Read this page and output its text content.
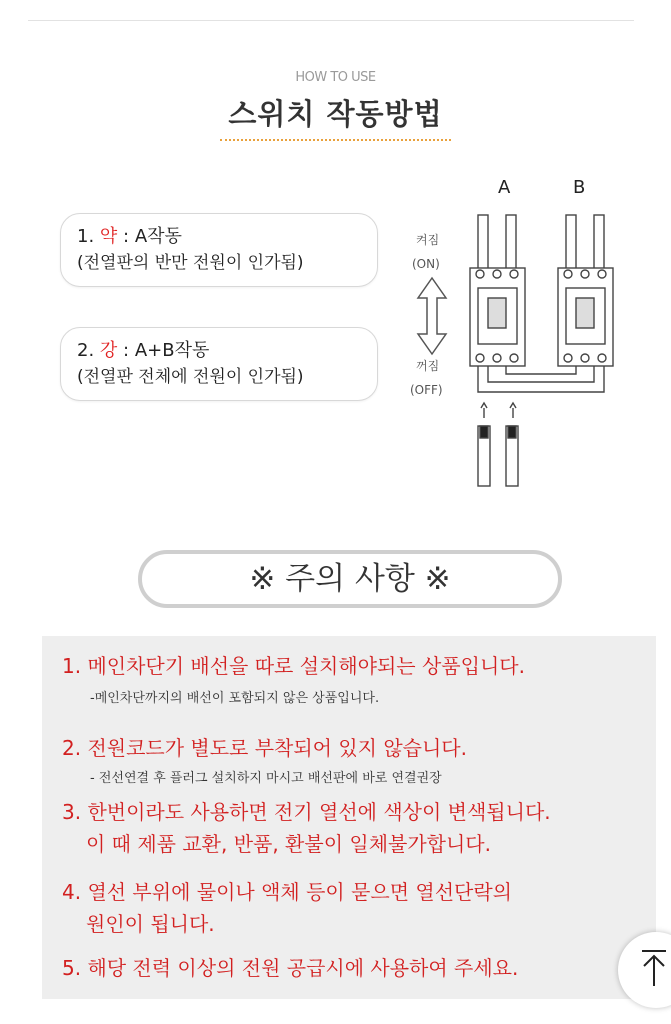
HOW TO USE
스위치 작동방법
1. 약 : A작동
(전열판의 반만 전원이 인가됨)
2. 강 : A+B작동
(전열판 전체에 전원이 인가됨)
A	B
켜짐
(ON)
꺼짐
(OFF)
※ 주의 사항 ※
1. 메인차단기 배선을 따로 설치해야되는 상품입니다.
-메인차단까지의 배선이 포함되지 않은 상품입니다.
2. 전원코드가 별도로 부착되어 있지 않습니다.
- 전선연결 후 플러그 설치하지 마시고 배선판에 바로 연결권장
3. 한번이라도 사용하면 전기 열선에 색상이 변색됩니다.
이 때 제품 교환, 반품, 환불이 일체불가합니다.
4. 열선 부위에 물이나 액체 등이 묻으면 열선단락의
원인이 됩니다.
5. 해당 전력 이상의 전원 공급시에 사용하여 주세요.
